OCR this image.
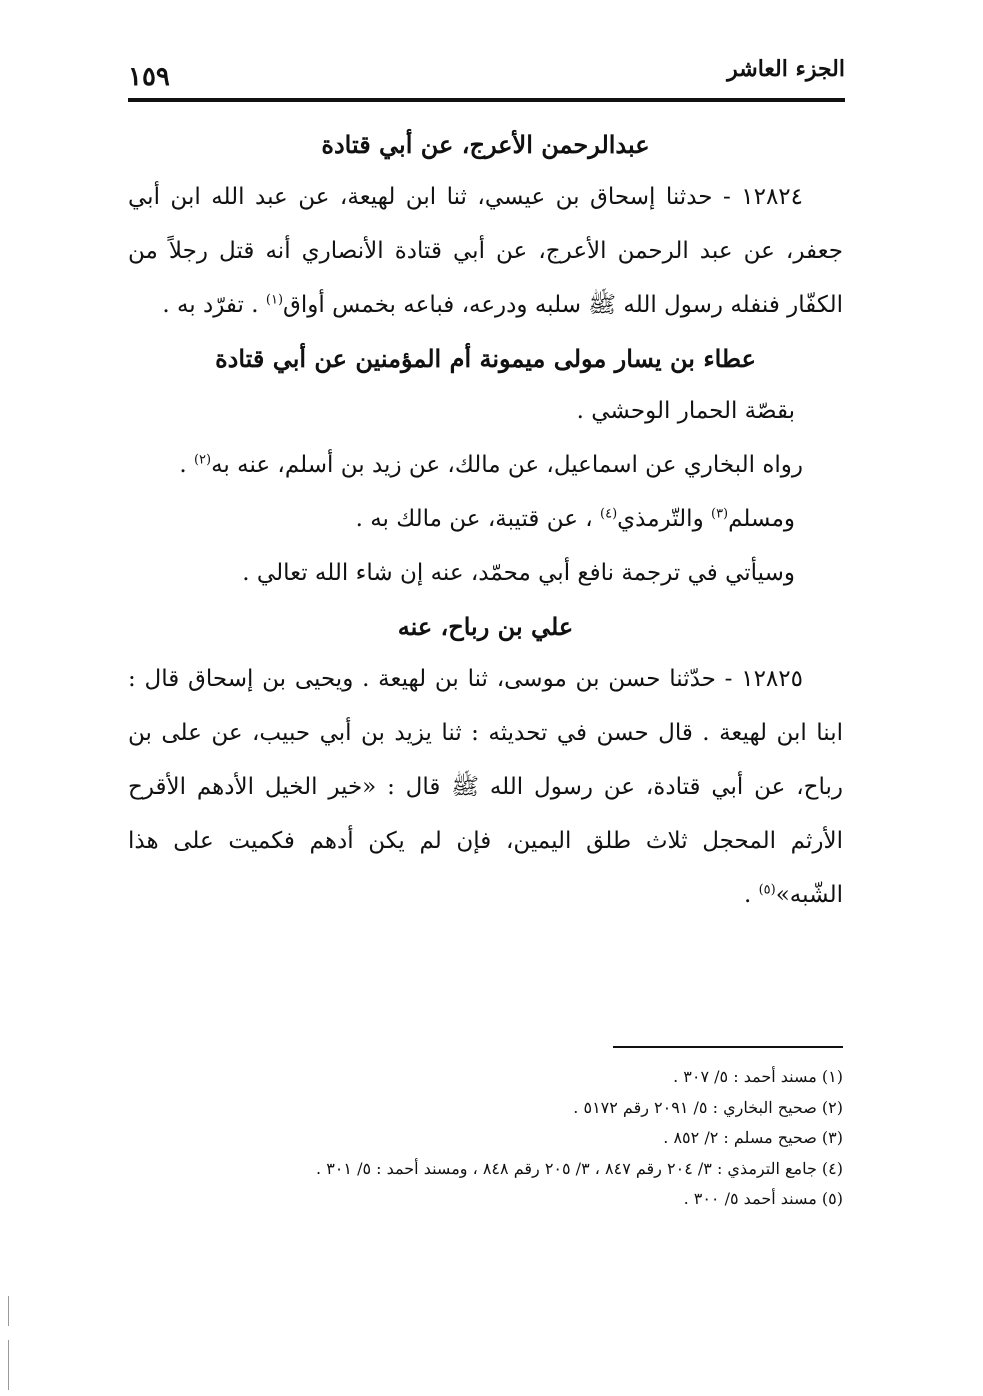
الجزء العاشر
١٥٩

عبدالرحمن الأعرج، عن أبي قتادة

١٢٨٢٤ - حدثنا إسحاق بن عيسي، ثنا ابن لهيعة، عن عبد الله ابن أبي جعفر، عن عبد الرحمن الأعرج، عن أبي قتادة الأنصاري أنه قتل رجلاً من الكفّار فنفله رسول الله ﷺ سلبه ودرعه، فباعه بخمس أواق$^{(١)}$ . تفرّد به .

عطاء بن يسار مولى ميمونة أم المؤمنين عن أبي قتادة

بقصّة الحمار الوحشي .

رواه البخاري عن اسماعيل، عن مالك، عن زيد بن أسلم، عنه به$^{(٢)}$ .

ومسلم$^{(٣)}$ والتّرمذي$^{(٤)}$ ، عن قتيبة، عن مالك به .

وسيأتي في ترجمة نافع أبي محمّد، عنه إن شاء الله تعالي .

علي بن رباح، عنه

١٢٨٢٥ - حدّثنا حسن بن موسى، ثنا بن لهيعة . ويحيى بن إسحاق قال : ابنا ابن لهيعة . قال حسن في تحديثه : ثنا يزيد بن أبي حبيب، عن على بن رباح، عن أبي قتادة، عن رسول الله ﷺ قال : «خير الخيل الأدهم الأقرح الأرثم المحجل ثلاث طلق اليمين، فإن لم يكن أدهم فكميت على هذا الشّبه»$^{(٥)}$ .

(١) مسند أحمد : ٥/ ٣٠٧ .

(٢) صحيح البخاري : ٥/ ٢٠٩١ رقم ٥١٧٢ .

(٣) صحيح مسلم : ٢/ ٨٥٢ .

(٤) جامع الترمذي : ٣/ ٢٠٤ رقم ٨٤٧ ، ٣/ ٢٠٥ رقم ٨٤٨ ، ومسند أحمد : ٥/ ٣٠١ .

(٥) مسند أحمد ٥/ ٣٠٠ .
